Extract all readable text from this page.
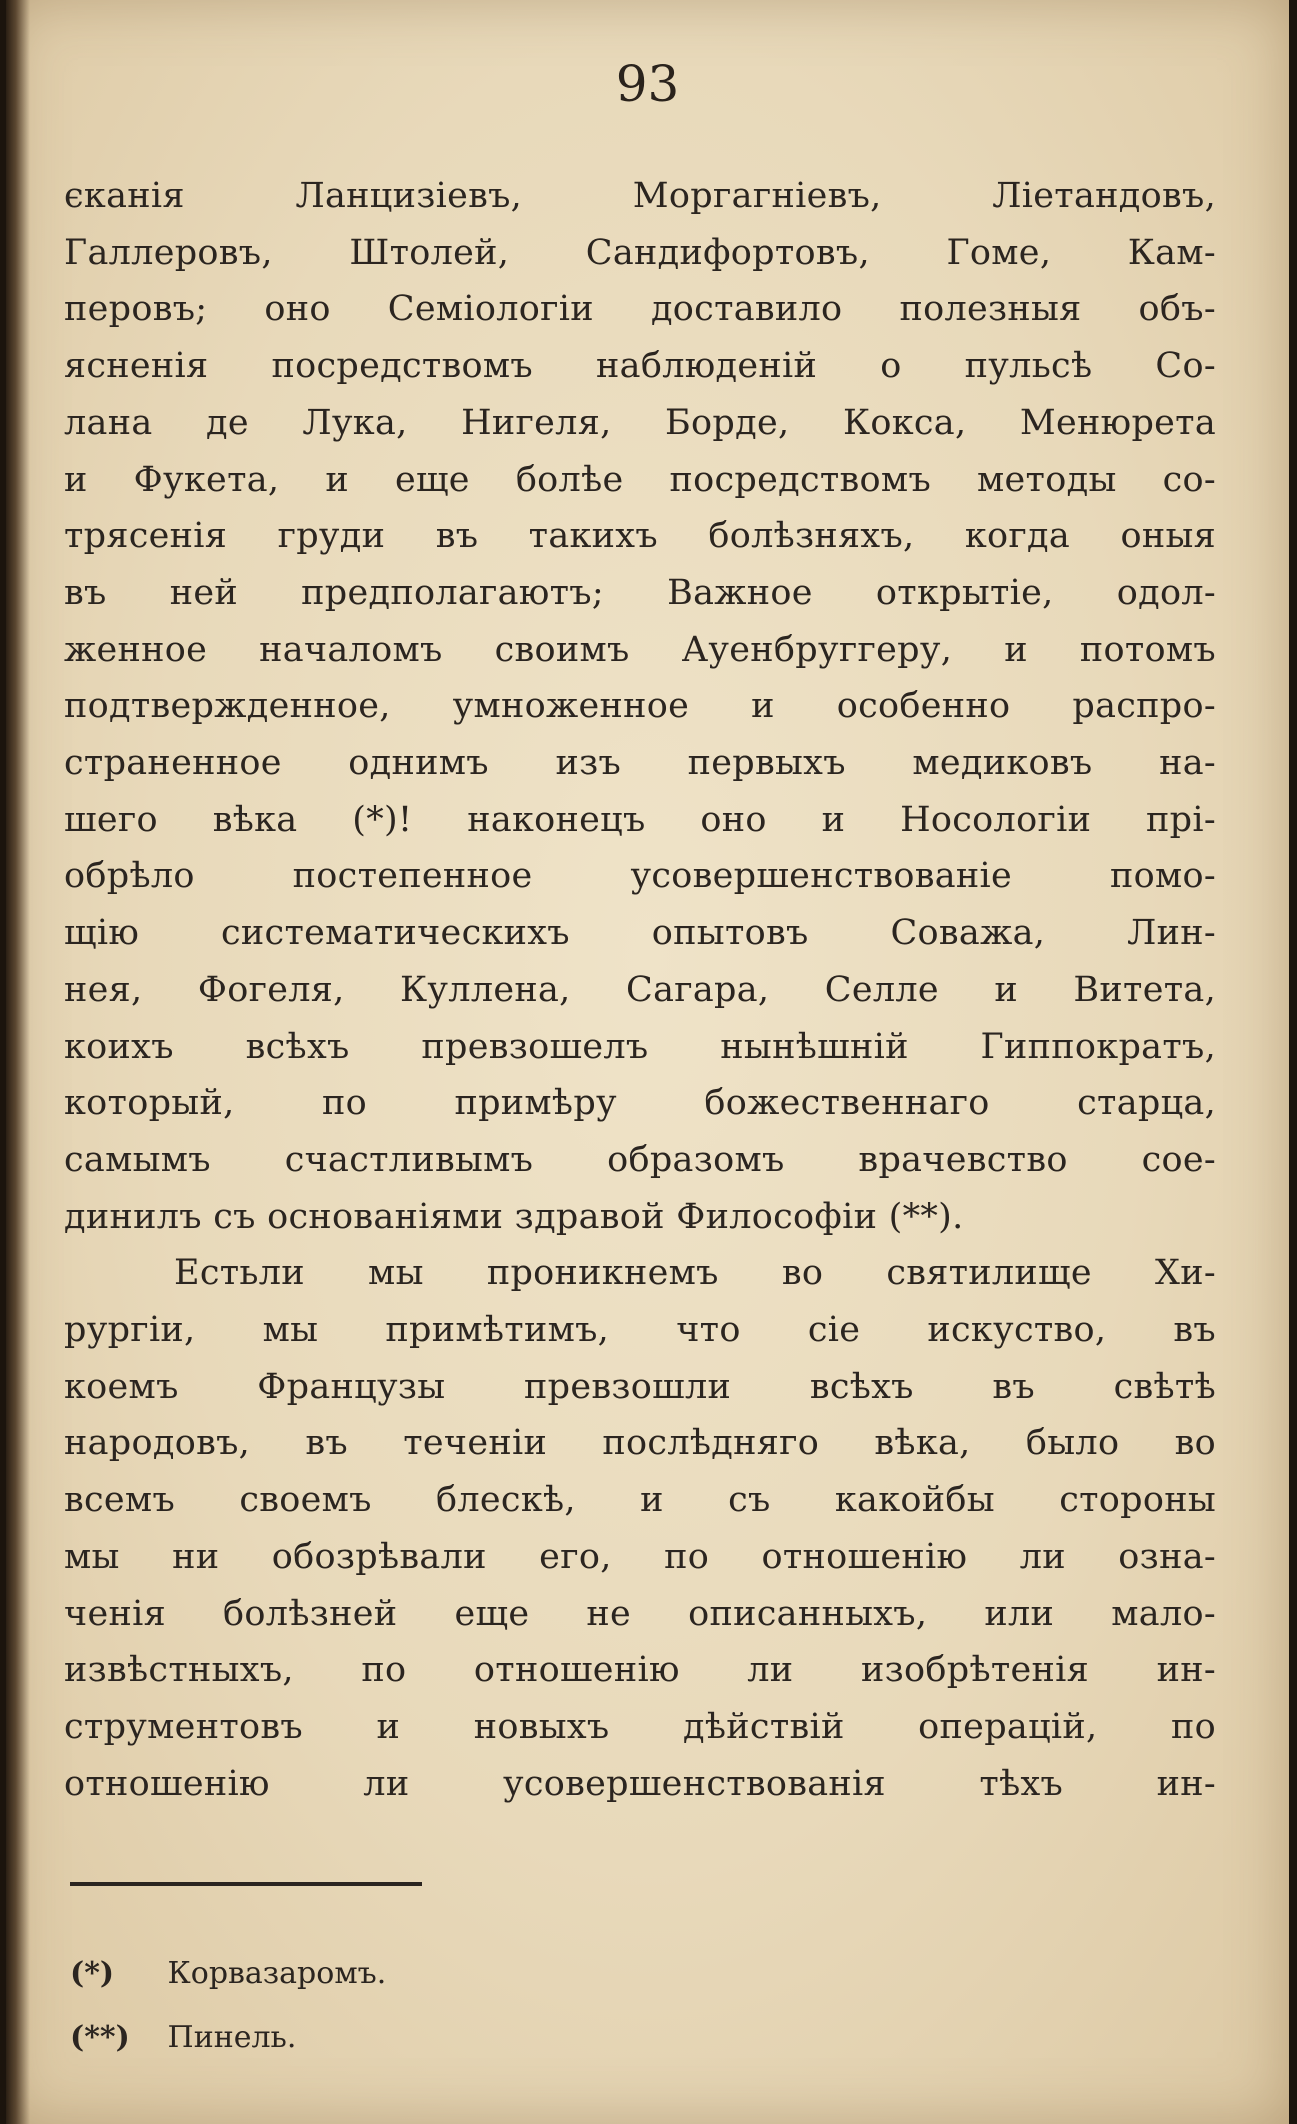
93
єканія Ланцизіевъ, Моргагніевъ, Ліетандовъ,
Галлеровъ, Штолей, Сандифортовъ, Гоме, Кам-
перовъ; оно Семіологіи доставило полезныя объ-
ясненія посредствомъ наблюденій о пульсѣ Со-
лана де Лука, Нигеля, Борде, Кокса, Менюрета
и Фукета, и еще болѣе посредствомъ методы со-
трясенія груди въ такихъ болѣзняхъ, когда оныя
въ ней предполагаютъ; Важное открытіе, одол-
женное началомъ своимъ Ауенбруггеру, и потомъ
подтвержденное, умноженное и особенно распро-
страненное однимъ изъ первыхъ медиковъ на-
шего вѣка (*)! наконецъ оно и Носологіи прі-
обрѣло постепенное усовершенствованіе помо-
щію систематическихъ опытовъ Соважа, Лин-
нея, Фогеля, Куллена, Сагара, Селле и Витета,
коихъ всѣхъ превзошелъ нынѣшній Гиппократъ,
который, по примѣру божественнаго старца,
самымъ счастливымъ образомъ врачевство сое-
динилъ съ основаніями здравой Философіи (**).
Естьли мы проникнемъ во святилище Хи-
рургіи, мы примѣтимъ, что сіе искуство, въ
коемъ Французы превзошли всѣхъ въ свѣтѣ
народовъ, въ теченіи послѣдняго вѣка, было во
всемъ своемъ блескѣ, и съ какойбы стороны
мы ни обозрѣвали его, по отношенію ли озна-
ченія болѣзней еще не описанныхъ, или мало-
извѣстныхъ, по отношенію ли изобрѣтенія ин-
струментовъ и новыхъ дѣйствій операцій, по
отношенію ли усовершенствованія тѣхъ ин-
(*) Корвазаромъ.
(**) Пинель.
